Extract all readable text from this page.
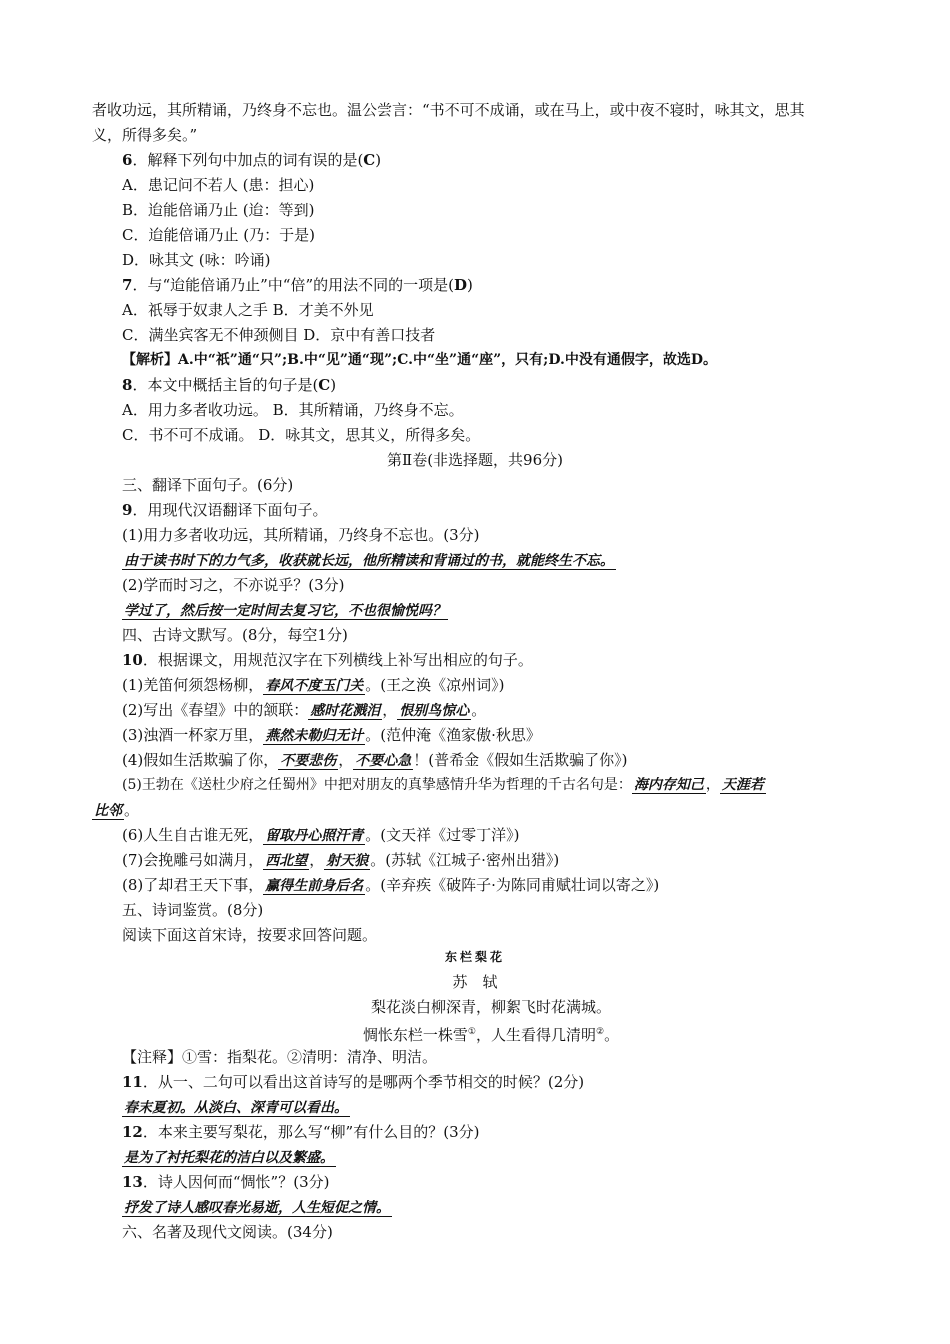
者收功远，其所精诵，乃终身不忘也。温公尝言：“书不可不成诵，或在马上，或中夜不寝时，咏其文，思其
义，所得多矣。”
6．解释下列句中加点的词有误的是(C)
A．患记问不若人 (患：担心)
B．迨能倍诵乃止 (迨：等到)
C．迨能倍诵乃止 (乃：于是)
D．咏其文 (咏：吟诵)
7．与“迨能倍诵乃止”中“倍”的用法不同的一项是(D)
A．祇辱于奴隶人之手 B．才美不外见
C．满坐宾客无不伸颈侧目 D．京中有善口技者
【解析】A.中“祇”通“只”;B.中“见”通“现”;C.中“坐”通“座”，只有;D.中没有通假字，故选D。
8．本文中概括主旨的句子是(C)
A．用力多者收功远。 B．其所精诵，乃终身不忘。
C．书不可不成诵。 D．咏其文，思其义，所得多矣。
第Ⅱ卷(非选择题，共96分)
三、翻译下面句子。(6分)
9．用现代汉语翻译下面句子。
(1)用力多者收功远，其所精诵，乃终身不忘也。(3分)
由于读书时下的力气多，收获就长远，他所精读和背诵过的书，就能终生不忘。
(2)学而时习之，不亦说乎？(3分)
学过了，然后按一定时间去复习它，不也很愉悦吗？
四、古诗文默写。(8分，每空1分)
10．根据课文，用规范汉字在下列横线上补写出相应的句子。
(1)羌笛何须怨杨柳， 春风不度玉门关 。(王之涣《凉州词》)
(2)写出《春望》中的颔联： 感时花溅泪 ， 恨别鸟惊心 。
(3)浊酒一杯家万里， 燕然未勒归无计 。(范仲淹《渔家傲·秋思》
(4)假如生活欺骗了你， 不要悲伤 ， 不要心急 ！(普希金《假如生活欺骗了你》)
(5)王勃在《送杜少府之任蜀州》中把对朋友的真挚感情升华为哲理的千古名句是： 海内存知己 ， 天涯若
比邻 。
(6)人生自古谁无死， 留取丹心照汗青 。(文天祥《过零丁洋》)
(7)会挽雕弓如满月， 西北望 ， 射天狼 。(苏轼《江城子·密州出猎》)
(8)了却君王天下事， 赢得生前身后名 。(辛弃疾《破阵子·为陈同甫赋壮词以寄之》)
五、诗词鉴赏。(8分)
阅读下面这首宋诗，按要求回答问题。
东栏梨花
苏　轼
梨花淡白柳深青，柳絮飞时花满城。
惆怅东栏一株雪①，人生看得几清明②。
【注释】①雪：指梨花。②清明：清净、明洁。
11．从一、二句可以看出这首诗写的是哪两个季节相交的时候？(2分)
春末夏初。从淡白、深青可以看出。
12．本来主要写梨花，那么写“柳”有什么目的？(3分)
是为了衬托梨花的洁白以及繁盛。
13．诗人因何而“惆怅”？(3分)
抒发了诗人感叹春光易逝，人生短促之情。
六、名著及现代文阅读。(34分)
